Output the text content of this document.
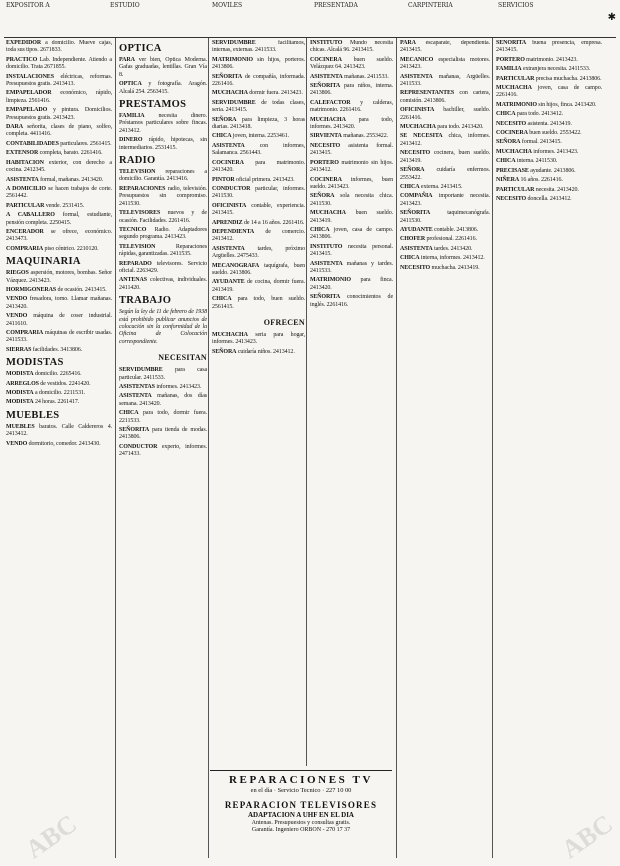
EXPOSITOR A	ESTUDIO	MOVILES	PRESENTADA	CARPINTERIA	SERVICIOS
EXPEDIDOR a domicilio. Mueve cajas, toda sus tipos. 2671833.
PRACTICO Lab. Independiente. Atiendo a domicilio. Trata 2671855.
INSTALACIONES eléctricas, reformas. Presupuestos gratis. 2413413.
EMPAPELADOR económico, rápido, limpieza. 2561416.
EMPAPELADO y pintura. Domicilios. Presupuestos gratis. 2413423.
DARA señorita, clases de piano, solfeo, completa. 4411416.
CONTABILIDADES particulares. 2561415.
EXTENSOR completa, barato. 2261416.
HABITACION exterior, con derecho a cocina. 2412345.
ASISTENTA formal, mañanas. 2413420.
A DOMICILIO se hacen trabajos de corte. 2561442.
PARTICULAR vende. 2531415.
A CABALLERO formal, estudiante, pensión completa. 2250415.
ENCERADOR se ofrece, económico. 2413473.
COMPRARIA piso céntrico. 2210120.
MAQUINARIA
RIEGOS aspersión, motores, bombas. Señor Vázquez. 2413423.
HORMIGONERAS de ocasión. 2413415.
VENDO fresadora, torno. Llamar mañanas. 2413420.
VENDO máquina de coser industrial. 2411610.
COMPRARIA máquinas de escribir usadas. 2411533.
SIERRAS facilidades. 3413806.
MODISTAS
MODISTA domicilio. 2265416.
ARREGLOS de vestidos. 2241420.
MODISTA a domicilio. 2211531.
MODISTA 24 horas. 2261417.
MUEBLES
MUEBLES baratos. Calle Caldereros 4. 2413412.
VENDO dormitorio, comedor. 2413430.
OPTICA
PARA ver bien, Optica Moderna. Gafas graduadas, lentillas. Gran Vía 8.
OPTICA y fotografía. Aragón. Alcalá 254. 2563415.
PRESTAMOS
FAMILIA necesita dinero. Préstamos particulares sobre fincas. 2413412.
DINERO rápido, hipotecas, sin intermediarios. 2531415.
RADIO
TELEVISION reparaciones a domicilio. Garantía. 2413416.
REPARACIONES radio, televisión. Presupuestos sin compromiso. 2411530.
TELEVISORES nuevos y de ocasión. Facilidades. 2261416.
TECNICO Radio. Adaptadores segundo programa. 2413423.
TELEVISION	Reparaciones rápidas, garantizadas. 2411535.
REPARADO televisores. Servicio oficial. 2263429.
ANTENAS colectivas, individuales. 2411420.
TRABAJO
Según la ley de 11 de febrero de 1938 está prohibido publicar anuncios de colocación sin la conformidad de la Oficina de Colocación correspondiente.
NECESITAN
SERVIDUMBRE para casa particular. 2411533.
ASISTENTAS informes. 2413423.
ASISTENTA mañanas, dos días semana. 2413420.
CHICA para todo, dormir fuera. 2211533.
SEÑORITA para tienda de modas. 2413806.
CONDUCTOR experto, informes. 2471433.
SERVIDUMBRE	facilitamos, internas, externas. 2411533.
MATRIMONIO sin hijos, porteros. 2413806.
SEÑORITA de compañía, informada. 2261416.
MUCHACHA dormir fuera. 2413423.
SERVIDUMBRE de todas clases, seria. 2413415.
SEÑORA para limpieza, 3 horas diarias. 2413418.
CHICA joven, interna. 2253461.
ASISTENTA	con informes, Salamanca. 2561443.
COCINERA para matrimonio. 2413420.
PINTOR oficial primera. 2413423.
CONDUCTOR particular, informes. 2411530.
OFICINISTA contable, experiencia. 2413415.
APRENDIZ de 14 a 16 años. 2261416.
DEPENDIENTA de comercio. 2413412.
ASISTENTA tardes, próximo Argüelles. 2475433.
MECANOGRAFA taquígrafa, buen sueldo. 2413806.
AYUDANTE de cocina, dormir fuera. 2413419.
CHICA para todo, buen sueldo. 2561415.
OFRECEN
MUCHACHA seria para hogar, informes. 2413423.
SEÑORA cuidaría niños. 2413412.
INSTITUTO Mundo necesita chicas. Alcalá 96. 2413415.
COCINERA buen sueldo. Velázquez 64. 2413423.
ASISTENTA mañanas. 2411533.
SEÑORITA para niños, interna. 2413806.
CALEFACTOR y calderas, matrimonio. 2261416.
MUCHACHA para todo, informes. 2413420.
SIRVIENTA mañanas. 2553422.
NECESITO asistenta formal. 2413415.
PORTERO matrimonio sin hijos. 2413412.
COCINERA informes, buen sueldo. 2413423.
SEÑORA sola necesita chica. 2411530.
MUCHACHA buen sueldo. 2413419.
CHICA joven, casa de campo. 2413806.
INSTITUTO necesita personal. 2413415.
ASISTENTA mañanas y tardes. 2411533.
MATRIMONIO para finca. 2413420.
SEÑORITA conocimientos de inglés. 2261416.
PARA escaparate, dependienta. 2413415.
MECANICO especialista motores. 2413423.
ASISTENTA mañanas, Argüelles. 2411533.
REPRESENTANTES con cartera, comisión. 2413806.
OFICINISTA bachiller, sueldo. 2261416.
MUCHACHA para todo. 2413420.
SE NECESITA chica, informes. 2413412.
NECESITO cocinera, buen sueldo. 2413419.
SEÑORA cuidaría enfermos. 2553422.
CHICA externa. 2413415.
COMPAÑIA importante necesita. 2413423.
SEÑORITA	taquimecanógrafa. 2411530.
AYUDANTE contable. 2413806.
CHOFER profesional. 2261416.
ASISTENTA tardes. 2413420.
CHICA interna, informes. 2413412.
NECESITO muchacha. 2413419.
SEÑORITA buena presencia, empresa. 2413415.
PORTERO matrimonio. 2413423.
FAMILIA extranjera necesita. 2411533.
PARTICULAR precisa muchacha. 2413806.
MUCHACHA joven, casa de campo. 2261416.
MATRIMONIO sin hijos, finca. 2413420.
CHICA para todo. 2413412.
NECESITO asistenta. 2413419.
COCINERA buen sueldo. 2553422.
SEÑORA formal. 2413415.
MUCHACHA informes. 2413423.
CHICA interna. 2411530.
PRECISASE ayudante. 2413806.
NIÑERA 16 años. 2261416.
PARTICULAR necesita. 2413420.
NECESITO doncella. 2413412.
REPARACIONES TV
en el día · Servicio Tecnico · 227 10 00
REPARACION TELEVISORES
ADAPTACION A UHF EN EL DIA
Antenas. Presupuestos y consultas gratis.
Garantía. Ingeniero ORBON - 270 17 37
✱
ABC	ABC
